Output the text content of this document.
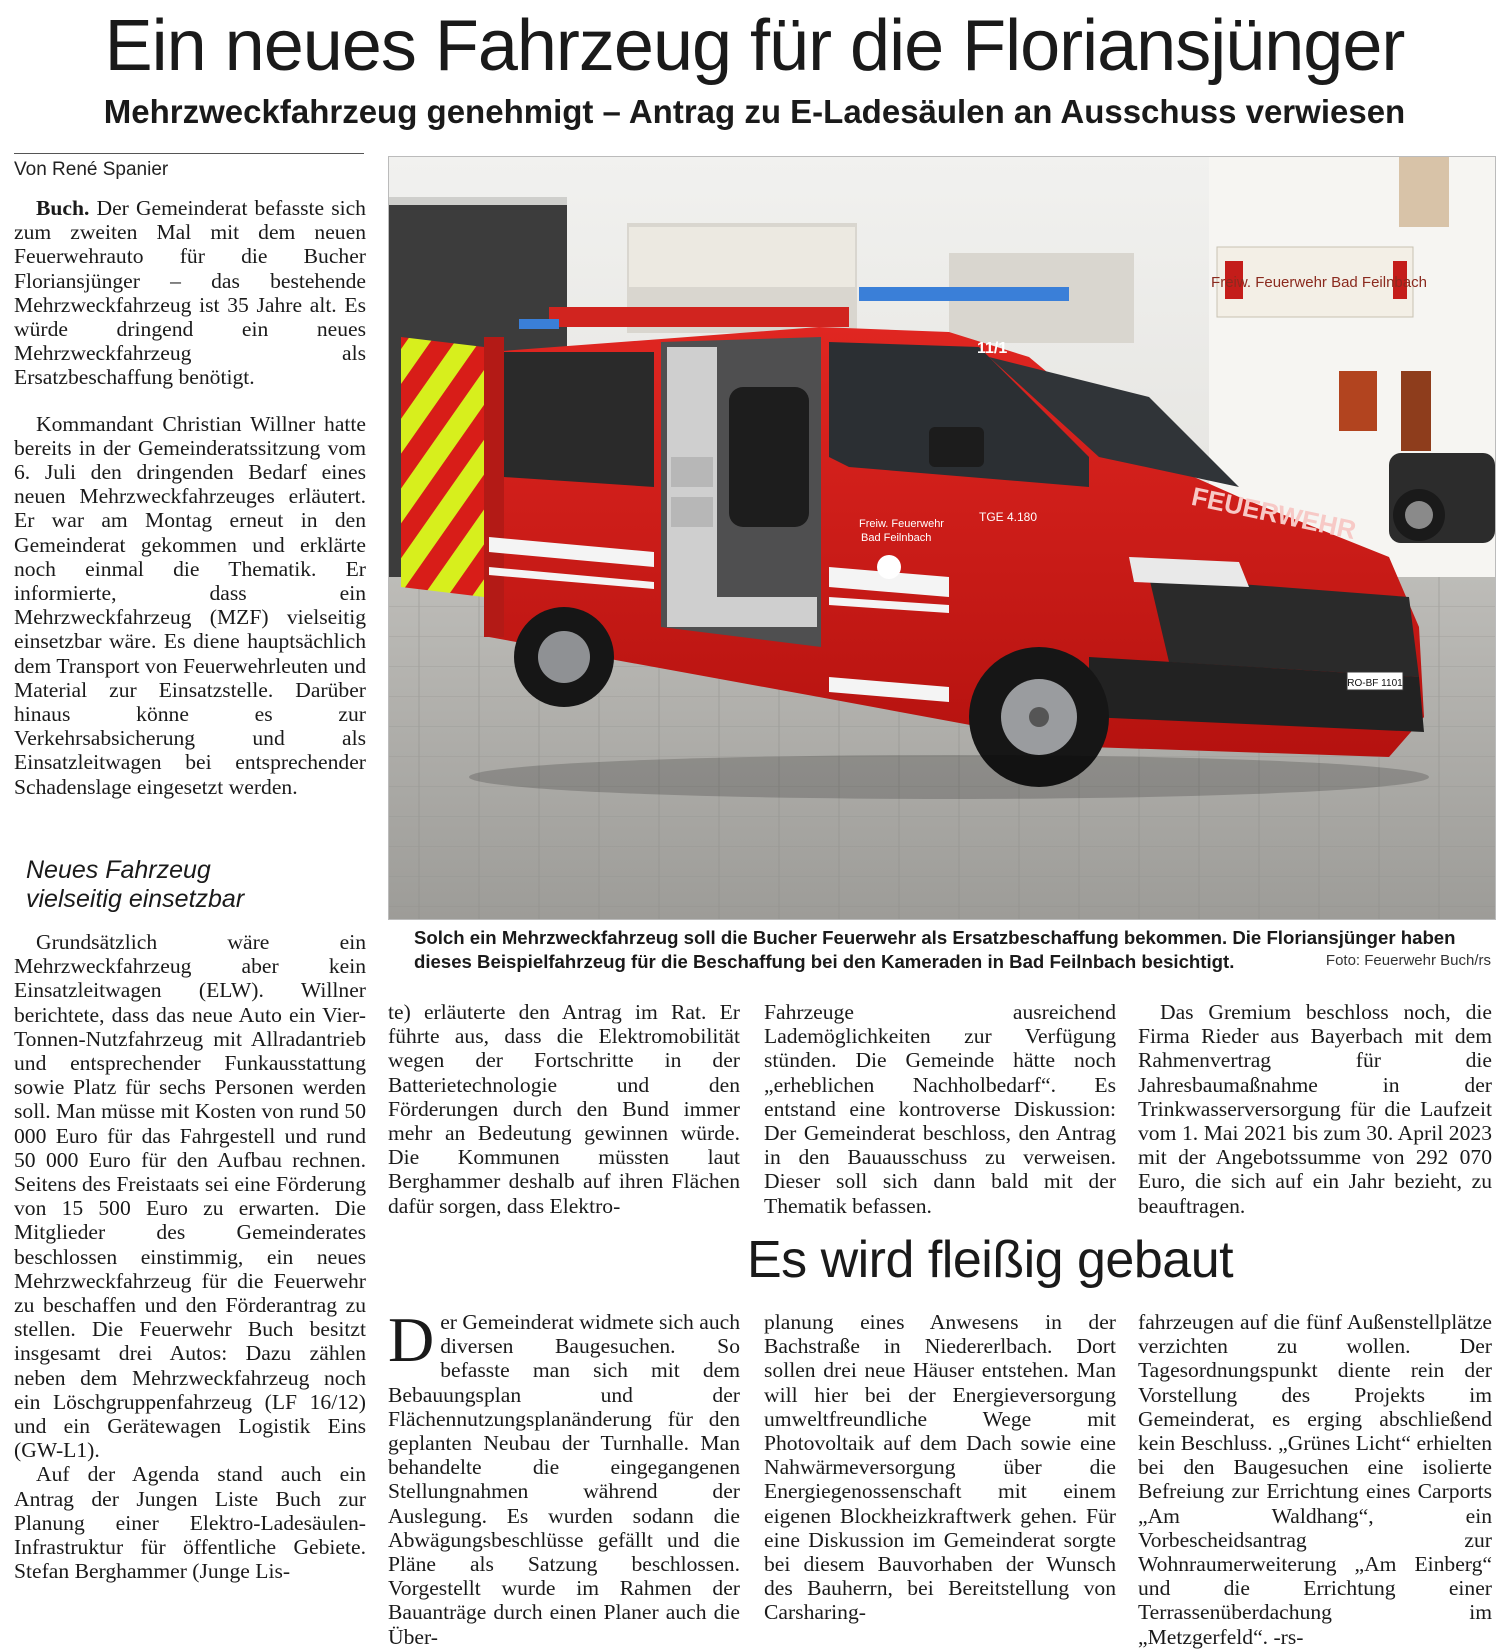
Ein neues Fahrzeug für die Floriansjünger
Mehrzweckfahrzeug genehmigt – Antrag zu E-Ladesäulen an Ausschuss verwiesen
Von René Spanier

Buch. Der Gemeinderat befasste sich zum zweiten Mal mit dem neuen Feuerwehrauto für die Bucher Floriansjünger – das bestehende Mehrzweckfahrzeug ist 35 Jahre alt. Es würde dringend ein neues Mehrzweckfahrzeug als Ersatzbeschaffung benötigt.

Kommandant Christian Willner hatte bereits in der Gemeinderatssitzung vom 6. Juli den dringenden Bedarf eines neuen Mehrzweckfahrzeuges erläutert. Er war am Montag erneut in den Gemeinderat gekommen und erklärte noch einmal die Thematik. Er informierte, dass ein Mehrzweckfahrzeug (MZF) vielseitig einsetzbar wäre. Es diene hauptsächlich dem Transport von Feuerwehrleuten und Material zur Einsatzstelle. Darüber hinaus könne es zur Verkehrsabsicherung und als Einsatzleitwagen bei entsprechender Schadenslage eingesetzt werden.

Neues Fahrzeug
vielseitig einsetzbar

Grundsätzlich wäre ein Mehrzweckfahrzeug aber kein Einsatzleitwagen (ELW). Willner berichtete, dass das neue Auto ein Vier-Tonnen-Nutzfahrzeug mit Allradantrieb und entsprechender Funkausstattung sowie Platz für sechs Personen werden soll. Man müsse mit Kosten von rund 50 000 Euro für das Fahrgestell und rund 50 000 Euro für den Aufbau rechnen. Seitens des Freistaats sei eine Förderung von 15 500 Euro zu erwarten. Die Mitglieder des Gemeinderates beschlossen einstimmig, ein neues Mehrzweckfahrzeug für die Feuerwehr zu beschaffen und den Förderantrag zu stellen. Die Feuerwehr Buch besitzt insgesamt drei Autos: Dazu zählen neben dem Mehrzweckfahrzeug noch ein Löschgruppenfahrzeug (LF 16/12) und ein Gerätewagen Logistik Eins (GW-L1).

Auf der Agenda stand auch ein Antrag der Jungen Liste Buch zur Planung einer Elektro-Ladesäulen-Infrastruktur für öffentliche Gebiete. Stefan Berghammer (Junge Lis-

Freiw. Feuerwehr Bad Feilnbach
Freiw. Feuerwehr
Bad Feilnbach
TGE 4.180
11/1
FEUERWEHR
RO-BF 1101
Solch ein Mehrzweckfahrzeug soll die Bucher Feuerwehr als Ersatzbeschaffung bekommen. Die Floriansjünger haben dieses Beispielfahrzeug für die Beschaffung bei den Kameraden in Bad Feilnbach besichtigt.	Foto: Feuerwehr Buch/rs

te) erläuterte den Antrag im Rat. Er führte aus, dass die Elektromobilität wegen der Fortschritte in der Batterietechnologie und den Förderungen durch den Bund immer mehr an Bedeutung gewinnen würde. Die Kommunen müssten laut Berghammer deshalb auf ihren Flächen dafür sorgen, dass Elektro-

Fahrzeuge ausreichend Lademöglichkeiten zur Verfügung stünden. Die Gemeinde hätte noch „erheblichen Nachholbedarf“. Es entstand eine kontroverse Diskussion: Der Gemeinderat beschloss, den Antrag in den Bauausschuss zu verweisen. Dieser soll sich dann bald mit der Thematik befassen.

Das Gremium beschloss noch, die Firma Rieder aus Bayerbach mit dem Rahmenvertrag für die Jahresbaumaßnahme in der Trinkwasserversorgung für die Laufzeit vom 1. Mai 2021 bis zum 30. April 2023 mit der Angebotssumme von 292 070 Euro, die sich auf ein Jahr bezieht, zu beauftragen.

Es wird fleißig gebaut

Der Gemeinderat widmete sich auch diversen Baugesuchen. So befasste man sich mit dem Bebauungsplan und der Flächennutzungsplanänderung für den geplanten Neubau der Turnhalle. Man behandelte die eingegangenen Stellungnahmen während der Auslegung. Es wurden sodann die Abwägungsbeschlüsse gefällt und die Pläne als Satzung beschlossen. Vorgestellt wurde im Rahmen der Bauanträge durch einen Planer auch die Über-

planung eines Anwesens in der Bachstraße in Niedererlbach. Dort sollen drei neue Häuser entstehen. Man will hier bei der Energieversorgung umweltfreundliche Wege mit Photovoltaik auf dem Dach sowie eine Nahwärmeversorgung über die Energiegenossenschaft mit einem eigenen Blockheizkraftwerk gehen. Für eine Diskussion im Gemeinderat sorgte bei diesem Bauvorhaben der Wunsch des Bauherrn, bei Bereitstellung von Carsharing-

fahrzeugen auf die fünf Außenstellplätze verzichten zu wollen. Der Tagesordnungspunkt diente rein der Vorstellung des Projekts im Gemeinderat, es erging abschließend kein Beschluss. „Grünes Licht“ erhielten bei den Baugesuchen eine isolierte Befreiung zur Errichtung eines Carports „Am Waldhang“, ein Vorbescheidsantrag zur Wohnraumerweiterung „Am Einberg“ und die Errichtung einer Terrassenüberdachung im „Metzgerfeld“. -rs-
